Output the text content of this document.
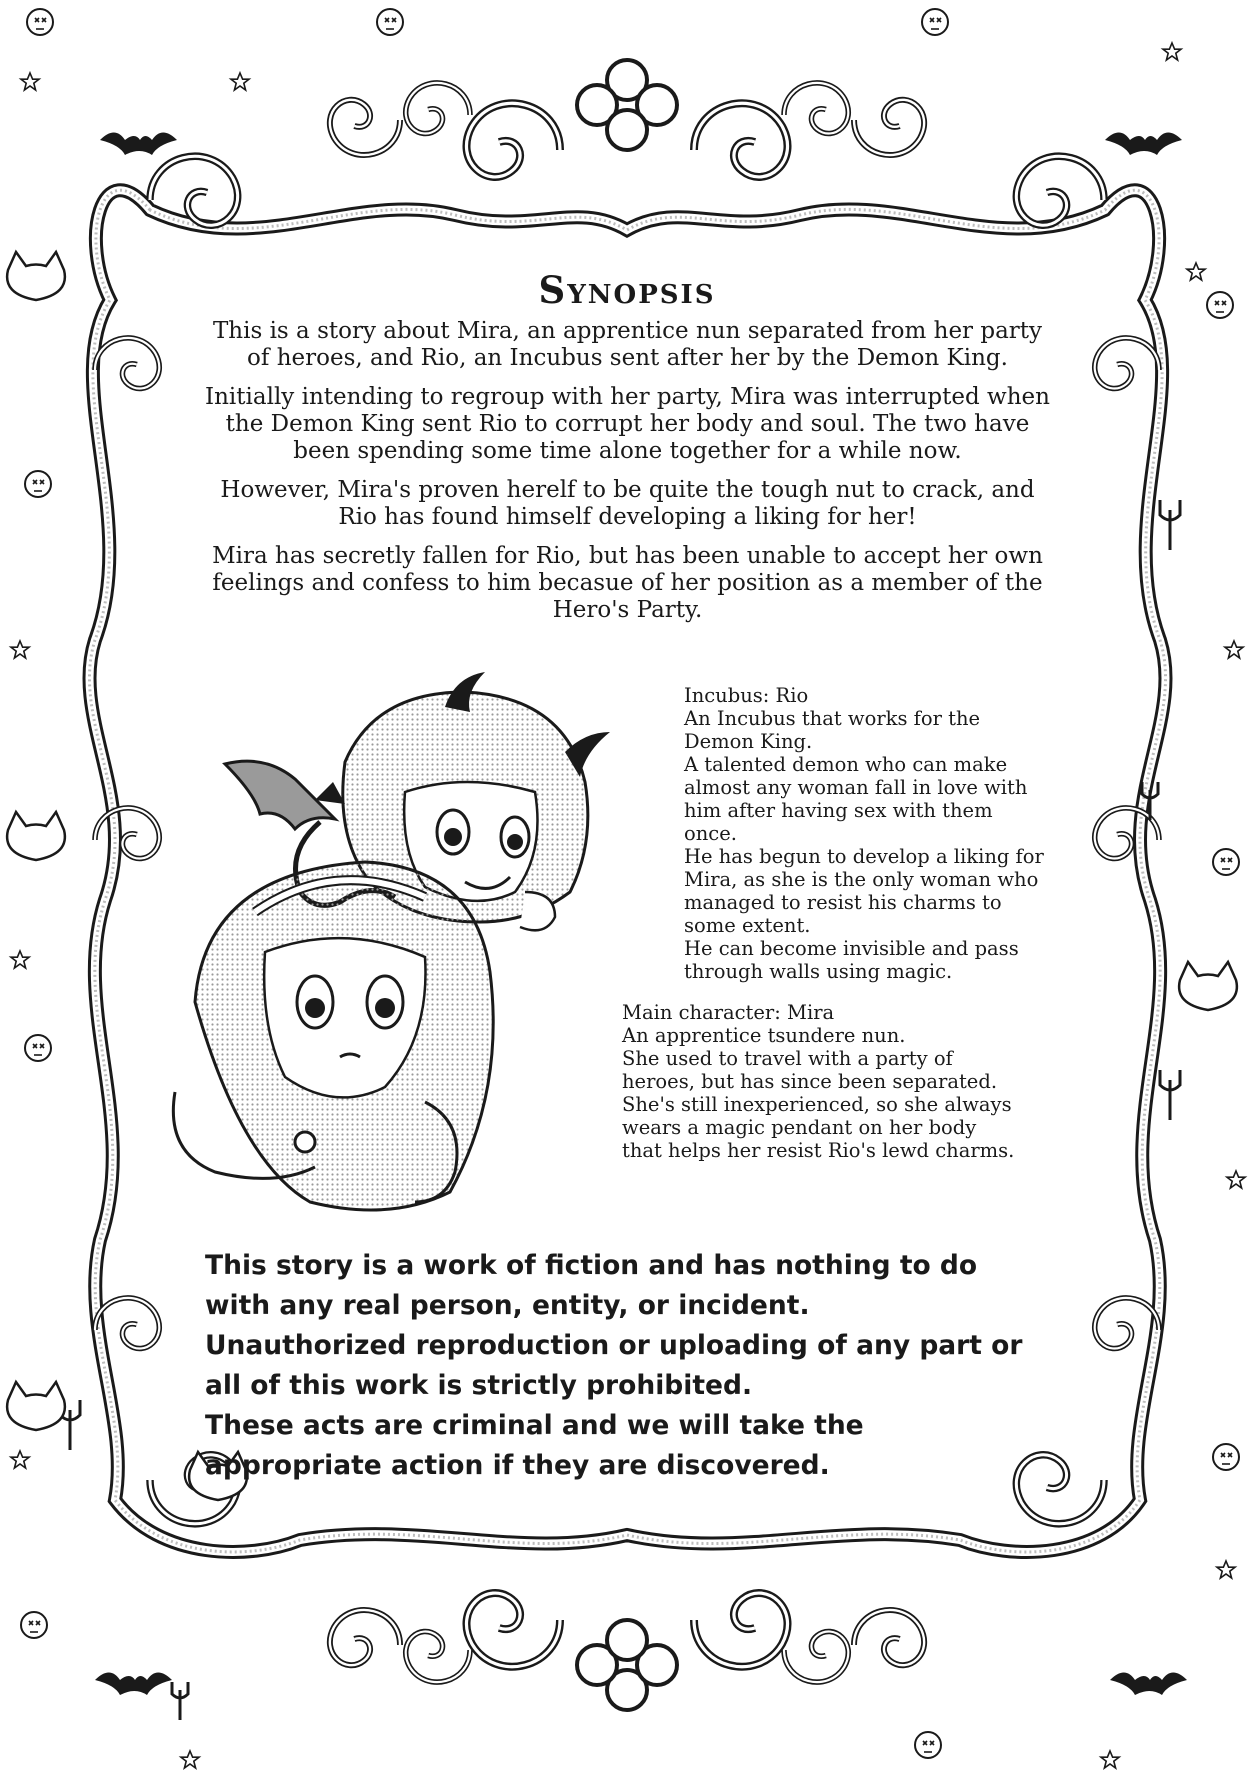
Synopsis

This is a story about Mira, an apprentice nun separated from her party of heroes, and Rio, an Incubus sent after her by the Demon King.

Initially intending to regroup with her party, Mira was interrupted when the Demon King sent Rio to corrupt her body and soul. The two have been spending some time alone together for a while now.

However, Mira's proven herelf to be quite the tough nut to crack, and Rio has found himself developing a liking for her!

Mira has secretly fallen for Rio, but has been unable to accept her own feelings and confess to him becasue of her position as a member of the Hero's Party.

Incubus: Rio
An Incubus that works for the
Demon King.
A talented demon who can make
almost any woman fall in love with
him after having sex with them
once.
He has begun to develop a liking for
Mira, as she is the only woman who
managed to resist his charms to
some extent.
He can become invisible and pass
through walls using magic.
Main character: Mira
An apprentice tsundere nun.
She used to travel with a party of
heroes, but has since been separated.
She's still inexperienced, so she always
wears a magic pendant on her body
that helps her resist Rio's lewd charms.
This story is a work of fiction and has nothing to do
with any real person, entity, or incident.
Unauthorized reproduction or uploading of any part or
all of this work is strictly prohibited.
These acts are criminal and we will take the
appropriate action if they are discovered.
